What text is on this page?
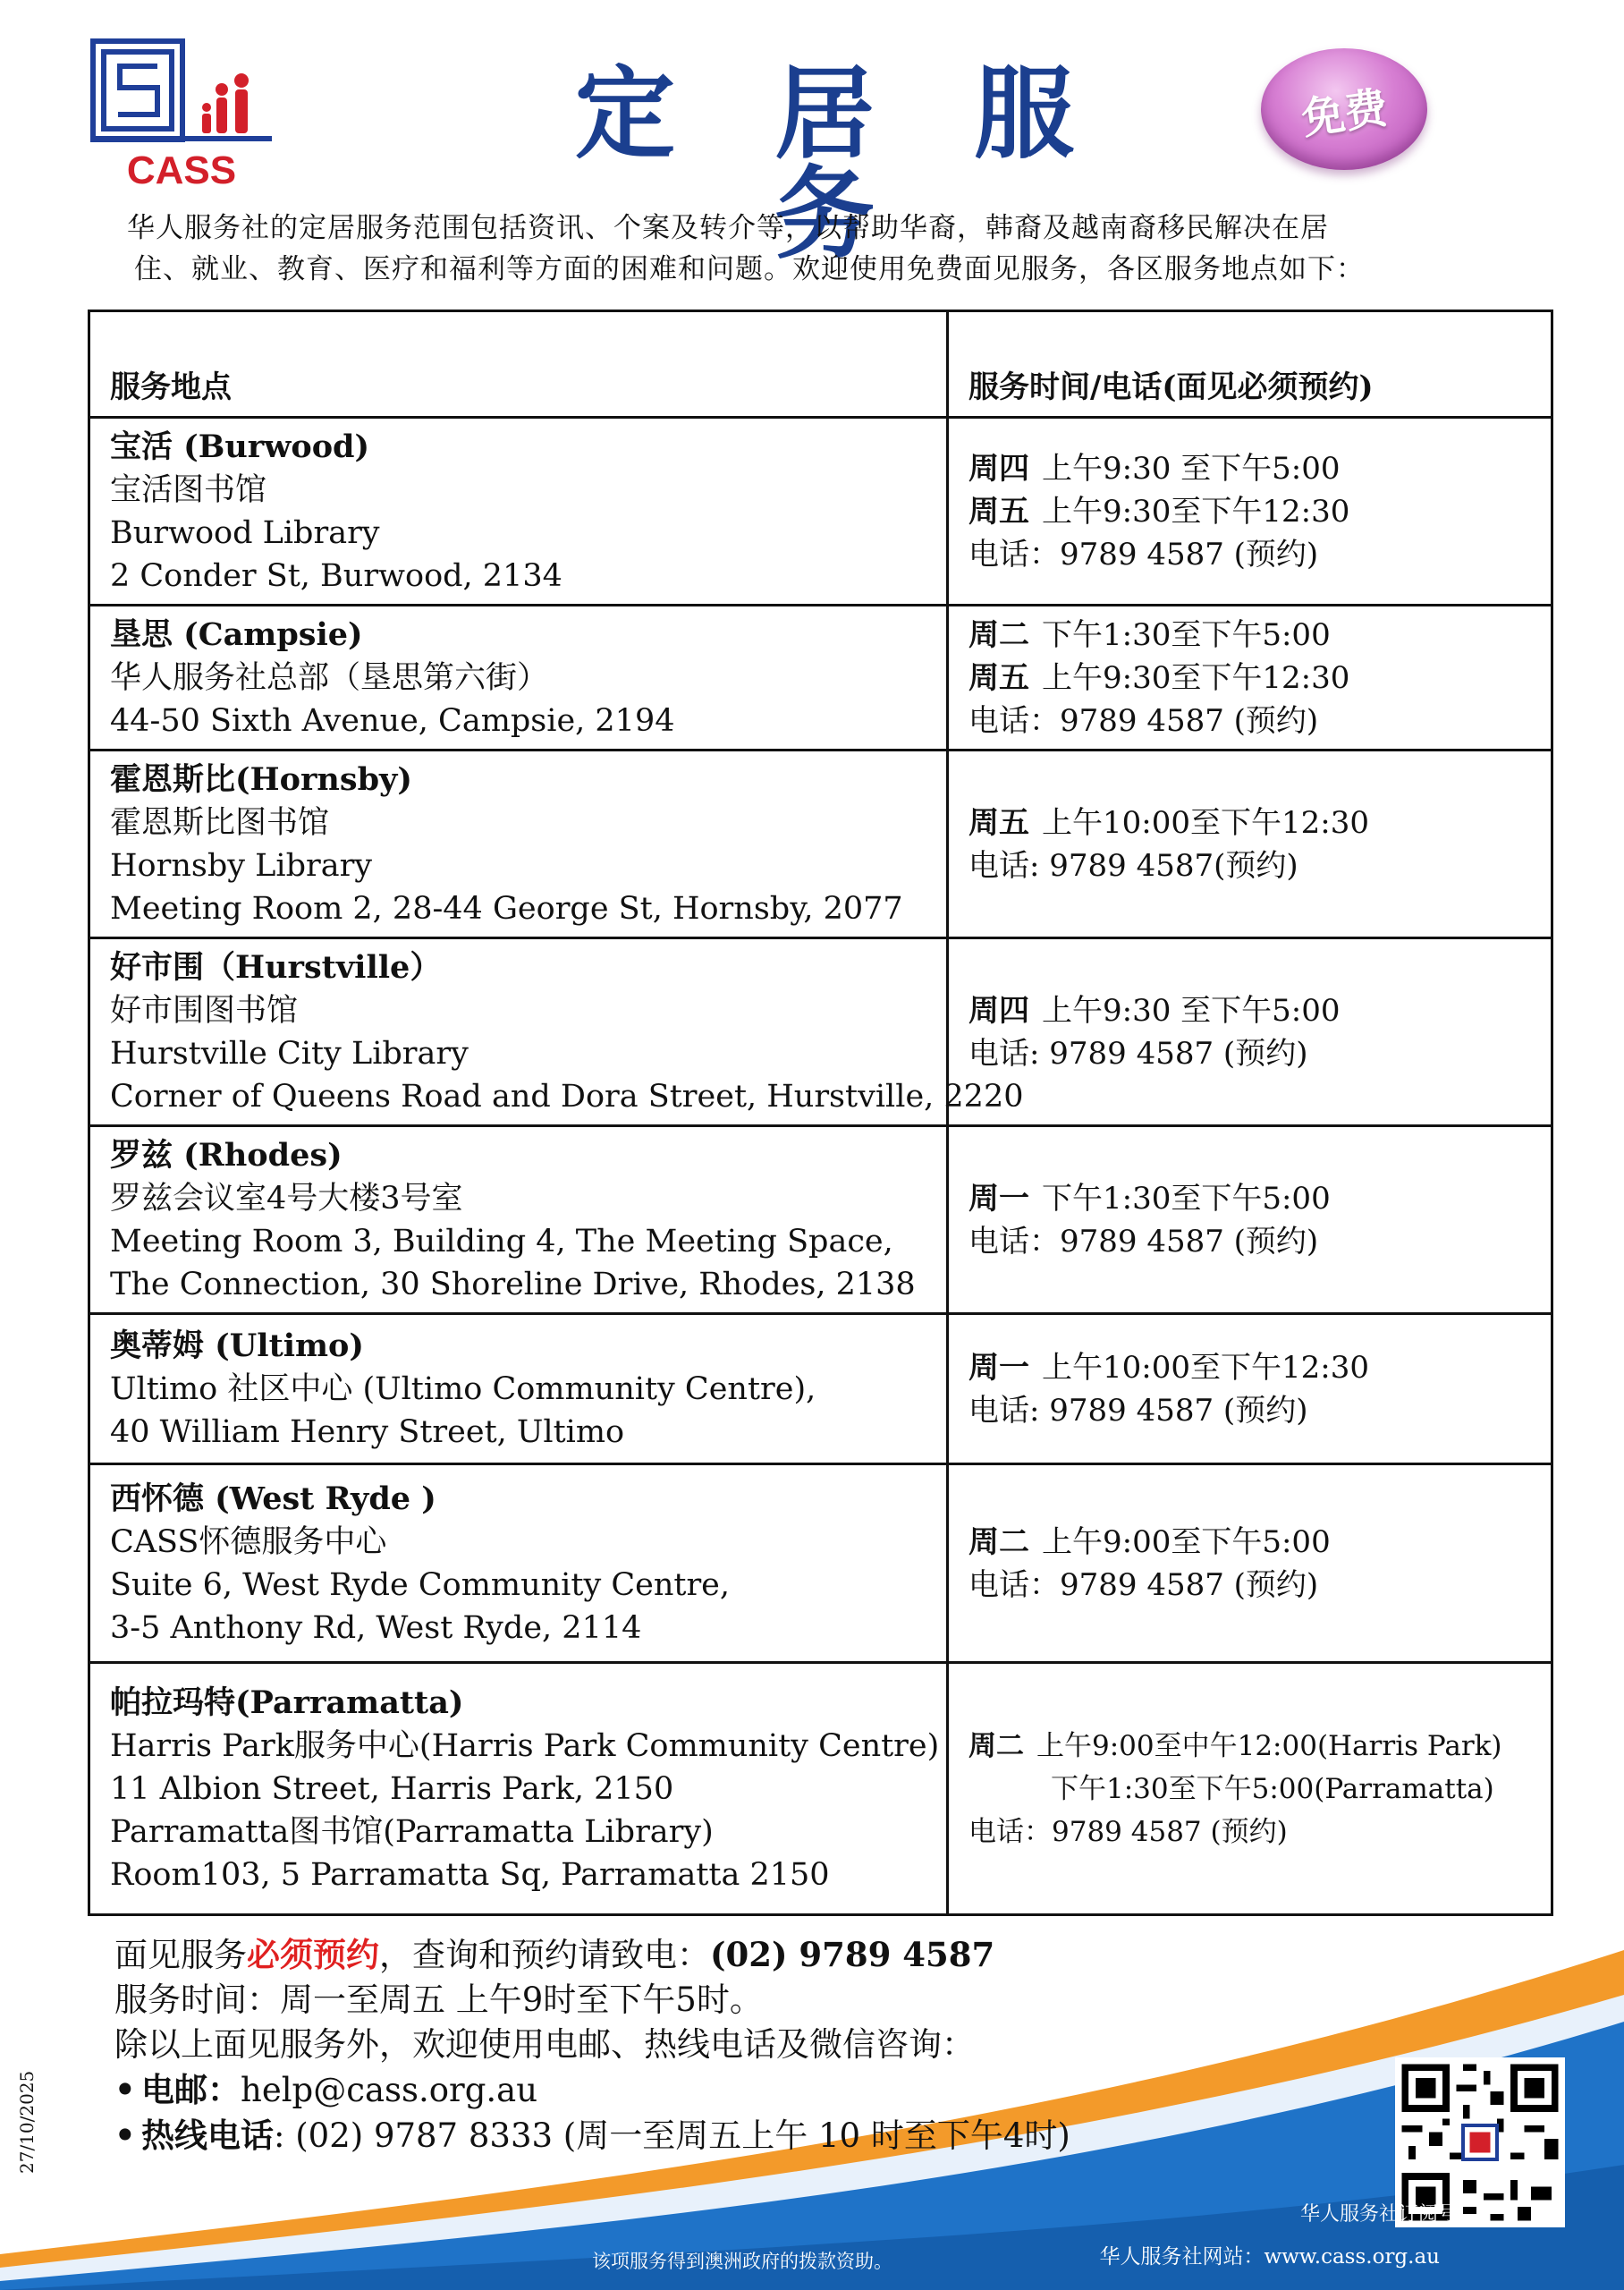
CASS	定 居 服务
免费

华人服务社的定居服务范围包括资讯、个案及转介等，以帮助华裔，韩裔及越南裔移民解决在居

住、就业、教育、医疗和福利等方面的困难和问题。欢迎使用免费面见服务，各区服务地点如下：

服务地点	服务时间/电话(面见必须预约)

宝活 (Burwood)
宝活图书馆
Burwood Library
2 Conder St, Burwood, 2134	周四 上午9:30 至下午5:00
周五 上午9:30至下午12:30
电话：9789 4587 (预约)

垦思 (Campsie)
华人服务社总部（垦思第六街）
44-50 Sixth Avenue, Campsie, 2194	周二 下午1:30至下午5:00
周五 上午9:30至下午12:30
电话：9789 4587 (预约)

霍恩斯比(Hornsby)
霍恩斯比图书馆
Hornsby Library
Meeting Room 2, 28-44 George St, Hornsby, 2077	周五 上午10:00至下午12:30
电话: 9789 4587(预约)

好市围（Hurstville）
好市围图书馆
Hurstville City Library
Corner of Queens Road and Dora Street, Hurstville, 2220	周四 上午9:30 至下午5:00
电话: 9789 4587 (预约)

罗兹 (Rhodes)
罗兹会议室4号大楼3号室
Meeting Room 3, Building 4, The Meeting Space,
The Connection, 30 Shoreline Drive, Rhodes, 2138	周一 下午1:30至下午5:00
电话：9789 4587 (预约)

奥蒂姆 (Ultimo)
Ultimo 社区中心 (Ultimo Community Centre),
40 William Henry Street, Ultimo	周一 上午10:00至下午12:30
电话: 9789 4587 (预约)

西怀德 (West Ryde )
CASS怀德服务中心
Suite 6, West Ryde Community Centre,
3-5 Anthony Rd, West Ryde, 2114	周二 上午9:00至下午5:00
电话：9789 4587 (预约)

帕拉玛特(Parramatta)
Harris Park服务中心(Harris Park Community Centre)
11 Albion Street, Harris Park, 2150
Parramatta图书馆(Parramatta Library)
Room103, 5 Parramatta Sq, Parramatta 2150	周二 上午9:00至中午12:00(Harris Park)
下午1:30至下午5:00(Parramatta)
电话：9789 4587 (预约)

面见服务必须预约，查询和预约请致电：(02) 9789 4587

服务时间：周一至周五 上午9时至下午5时。

除以上面见服务外，欢迎使用电邮、热线电话及微信咨询：

• 电邮：help@cass.org.au

• 热线电话: (02) 9787 8333 (周一至周五上午 10 时至下午4时)

27/10/2025
华人服务社订阅号
华人服务社网站：www.cass.org.au
该项服务得到澳洲政府的拨款资助。
